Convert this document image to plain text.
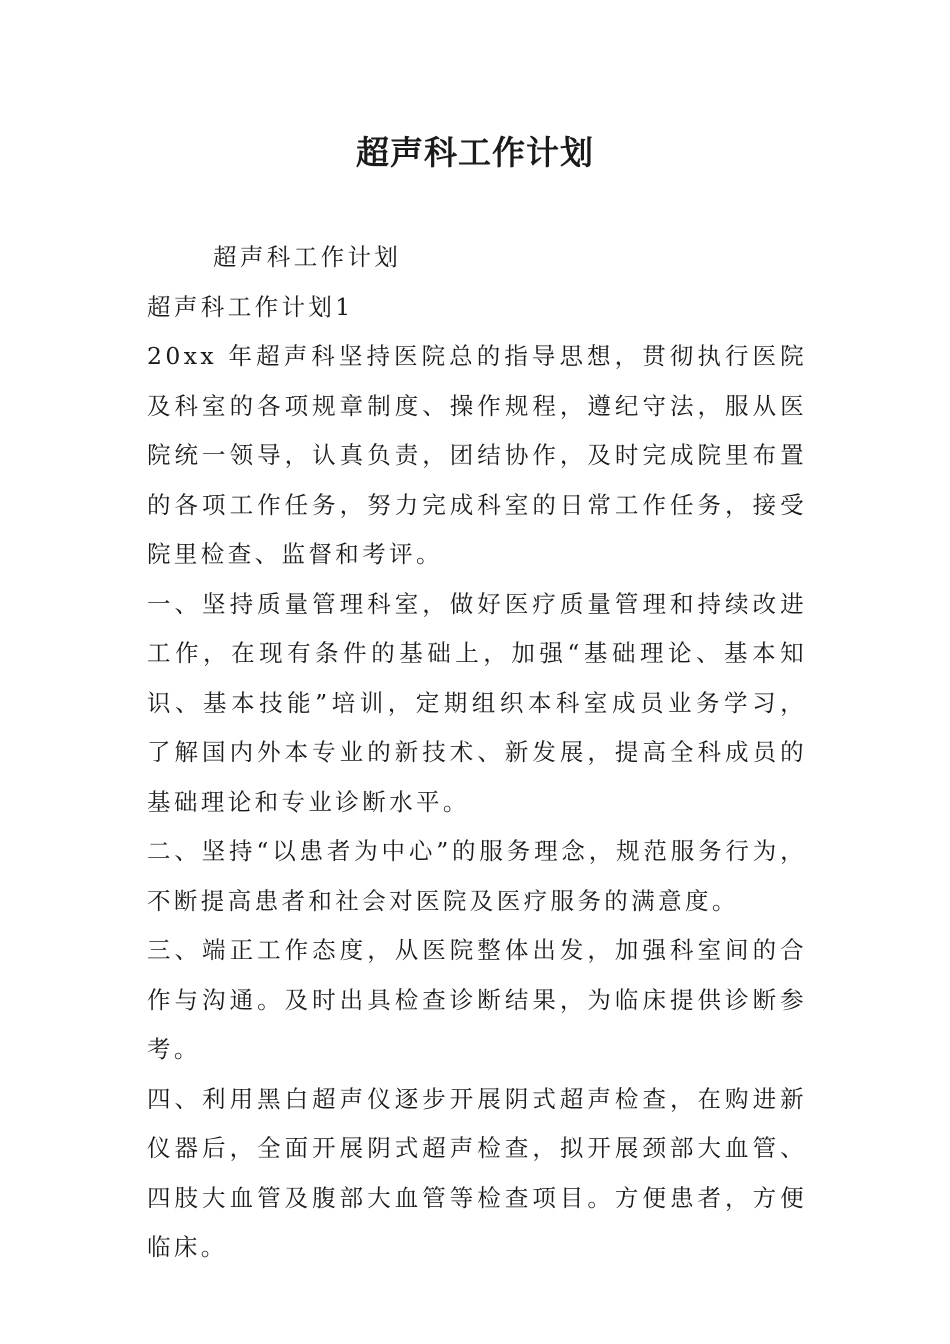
超声科工作计划

超声科工作计划

超声科工作计划1

20xx 年超声科坚持医院总的指导思想，贯彻执行医院及科室的各项规章制度、操作规程，遵纪守法，服从医院统一领导，认真负责，团结协作，及时完成院里布置的各项工作任务，努力完成科室的日常工作任务，接受院里检查、监督和考评。

一、坚持质量管理科室，做好医疗质量管理和持续改进工作，在现有条件的基础上，加强“基础理论、基本知识、基本技能”培训，定期组织本科室成员业务学习，了解国内外本专业的新技术、新发展，提高全科成员的基础理论和专业诊断水平。

二、坚持“以患者为中心”的服务理念，规范服务行为，不断提高患者和社会对医院及医疗服务的满意度。

三、端正工作态度，从医院整体出发，加强科室间的合作与沟通。及时出具检查诊断结果，为临床提供诊断参考。

四、利用黑白超声仪逐步开展阴式超声检查，在购进新仪器后，全面开展阴式超声检查，拟开展颈部大血管、四肢大血管及腹部大血管等检查项目。方便患者，方便临床。
